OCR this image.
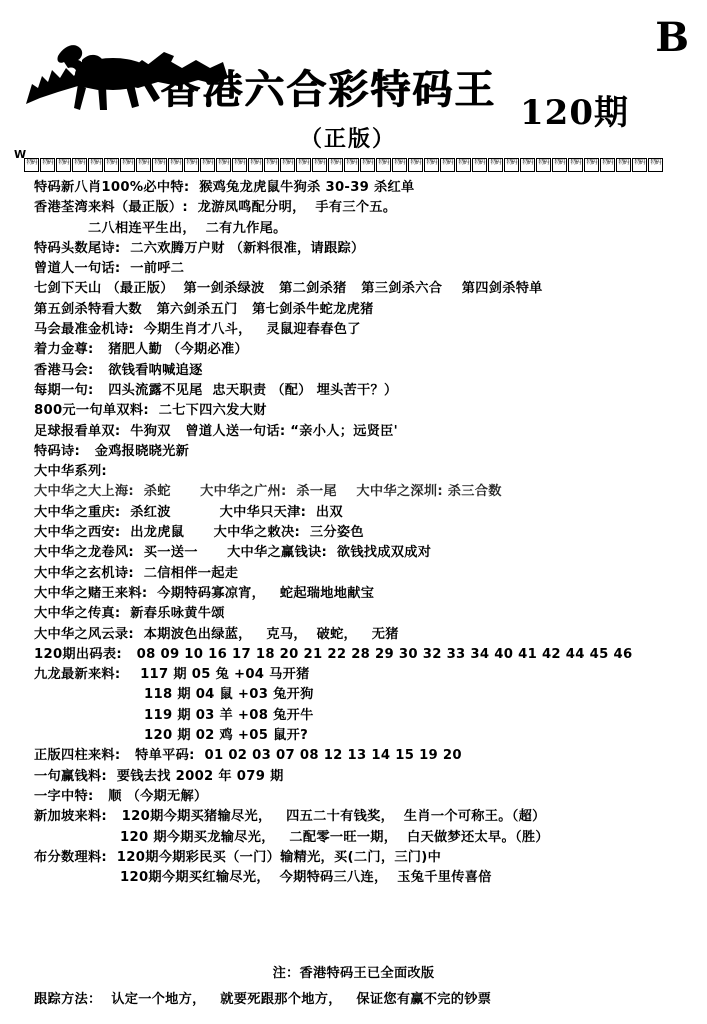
B
香港六合彩特码王 120期
（正版）
W
特码 特码 特码 特码 特码 特码 特码 特码 特码 特码 特码 特码 特码 特码 特码 特码 特码 特码 特码 特码 特码 特码 特码 特码 特码 特码 特码 特码 特码 特码 特码 特码 特码 特码 特码 特码 特码 特码 特码 特码
特码新八肖100%必中特:  猴鸡兔龙虎鼠牛狗杀 30-39 杀红单
香港荃湾来料（最正版）:  龙游凤鸣配分明，  手有三个五。
二八相连平生出，  二有九作尾。
特码头数尾诗:  二六欢腾万户财 （新料很准，请跟踪）
曾道人一句话:  一前呼二
七剑下天山 （最正版）  第一剑杀绿波   第二剑杀猪   第三剑杀六合    第四剑杀特单
第五剑杀特看大数   第六剑杀五门   第七剑杀牛蛇龙虎猪
马会最准金机诗:  今期生肖才八斗，   灵鼠迎春春色了
着力金尊:   猪肥人勤 （今期必准）
香港马会:   欲钱看呐喊追逐
每期一句:   四头流露不见尾  忠天职责 （配） 埋头苦干？）
800元一句单双料:  二七下四六发大财
足球报看单双:  牛狗双   曾道人送一句话: “亲小人；远贤臣'
特码诗:   金鸡报晓晓光新
大中华系列:
大中华之大上海:  杀蛇      大中华之广州:  杀一尾    大中华之深圳: 杀三合数
大中华之重庆:  杀红波          大中华只天津:  出双
大中华之西安:  出龙虎鼠      大中华之敕决:  三分姿色
大中华之龙卷风:  买一送一      大中华之赢钱诀:  欲钱找成双成对
大中华之玄机诗:  二信相伴一起走
大中华之赌王来料:  今期特码寡凉宵，   蛇起瑞地地献宝
大中华之传真:  新春乐咏黄牛颂
大中华之风云录:  本期波色出绿蓝，   克马，  破蛇，   无猪
120期出码表:   08 09 10 16 17 18 20 21 22 28 29 30 32 33 34 40 41 42 44 45 46
九龙最新来料:    117 期 05 兔 +04 马开猪
118 期 04 鼠 +03 兔开狗
119 期 03 羊 +08 兔开牛
120 期 02 鸡 +05 鼠开?
正版四柱来料:   特单平码:  01 02 03 07 08 12 13 14 15 19 20
一句赢钱料:  要钱去找 2002 年 079 期
一字中特:   顺 （今期无解）
新加坡来料:   120期今期买猪输尽光，   四五二十有钱奖，  生肖一个可称王。（超）
120 期今期买龙输尽光，   二配零一旺一期，  白天做梦还太早。（胜）
布分数理料:  120期今期彩民买（一门）输精光，买(二门，三门)中
120期今期买红输尽光，  今期特码三八连，  玉兔千里传喜倍
注：香港特码王已全面改版
跟踪方法：  认定一个地方，   就要死跟那个地方，   保证您有赢不完的钞票
